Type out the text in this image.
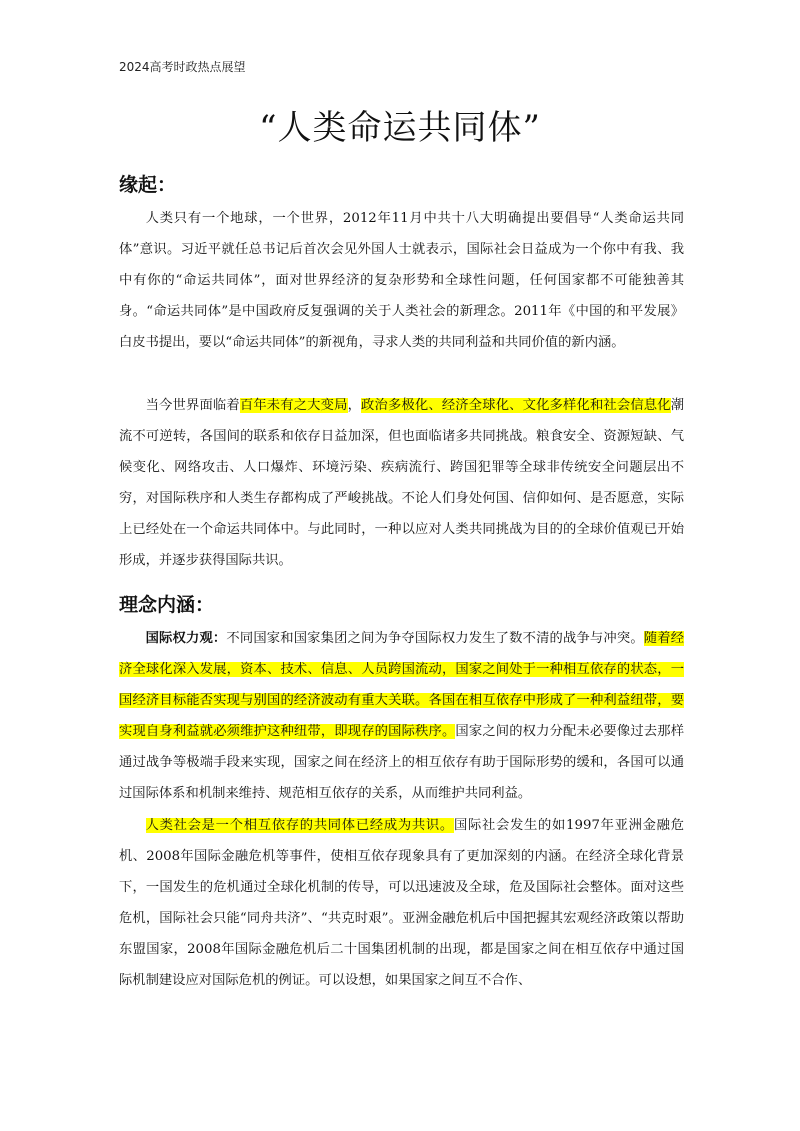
2024高考时政热点展望
“人类命运共同体”
缘起：

人类只有一个地球，一个世界，2012年11月中共十八大明确提出要倡导“人类命运共同体”意识。习近平就任总书记后首次会见外国人士就表示，国际社会日益成为一个你中有我、我中有你的“命运共同体”，面对世界经济的复杂形势和全球性问题，任何国家都不可能独善其身。“命运共同体”是中国政府反复强调的关于人类社会的新理念。2011年《中国的和平发展》白皮书提出，要以“命运共同体”的新视角，寻求人类的共同利益和共同价值的新内涵。

当今世界面临着百年未有之大变局，政治多极化、经济全球化、文化多样化和社会信息化潮流不可逆转，各国间的联系和依存日益加深，但也面临诸多共同挑战。粮食安全、资源短缺、气候变化、网络攻击、人口爆炸、环境污染、疾病流行、跨国犯罪等全球非传统安全问题层出不穷，对国际秩序和人类生存都构成了严峻挑战。不论人们身处何国、信仰如何、是否愿意，实际上已经处在一个命运共同体中。与此同时，一种以应对人类共同挑战为目的的全球价值观已开始形成，并逐步获得国际共识。

理念内涵：

国际权力观：不同国家和国家集团之间为争夺国际权力发生了数不清的战争与冲突。随着经济全球化深入发展，资本、技术、信息、人员跨国流动，国家之间处于一种相互依存的状态，一国经济目标能否实现与别国的经济波动有重大关联。各国在相互依存中形成了一种利益纽带，要实现自身利益就必须维护这种纽带，即现存的国际秩序。国家之间的权力分配未必要像过去那样通过战争等极端手段来实现，国家之间在经济上的相互依存有助于国际形势的缓和，各国可以通过国际体系和机制来维持、规范相互依存的关系，从而维护共同利益。

人类社会是一个相互依存的共同体已经成为共识。国际社会发生的如1997年亚洲金融危机、2008年国际金融危机等事件，使相互依存现象具有了更加深刻的内涵。在经济全球化背景下，一国发生的危机通过全球化机制的传导，可以迅速波及全球，危及国际社会整体。面对这些危机，国际社会只能“同舟共济”、“共克时艰”。亚洲金融危机后中国把握其宏观经济政策以帮助东盟国家，2008年国际金融危机后二十国集团机制的出现，都是国家之间在相互依存中通过国际机制建设应对国际危机的例证。可以设想，如果国家之间互不合作、
